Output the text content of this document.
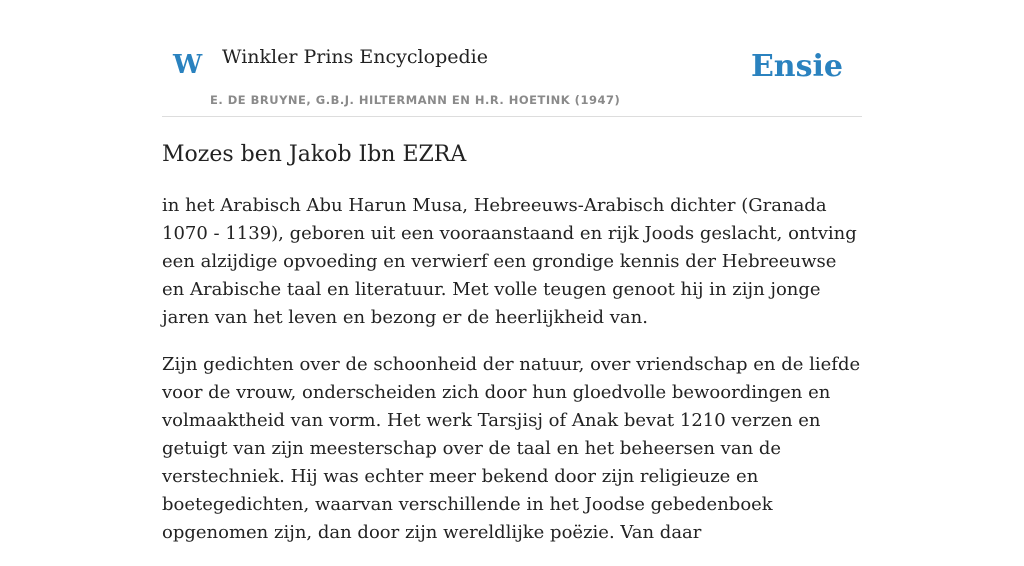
W Winkler Prins Encyclopedie
E. DE BRUYNE, G.B.J. HILTERMANN EN H.R. HOETINK (1947)
Ensie
Mozes ben Jakob Ibn EZRA

in het Arabisch Abu Harun Musa, Hebreeuws-Arabisch dichter (Granada 1070 - 1139), geboren uit een vooraanstaand en rijk Joods geslacht, ontving een alzijdige opvoeding en verwierf een grondige kennis der Hebreeuwse en Arabische taal en literatuur. Met volle teugen genoot hij in zijn jonge jaren van het leven en bezong er de heerlijkheid van.

Zijn gedichten over de schoonheid der natuur, over vriendschap en de liefde voor de vrouw, onderscheiden zich door hun gloedvolle bewoordingen en volmaaktheid van vorm. Het werk Tarsjisj of Anak bevat 1210 verzen en getuigt van zijn meesterschap over de taal en het beheersen van de verstechniek. Hij was echter meer bekend door zijn religieuze en boetegedichten, waarvan verschillende in het Joodse gebedenboek opgenomen zijn, dan door zijn wereldlijke poëzie. Van daar
